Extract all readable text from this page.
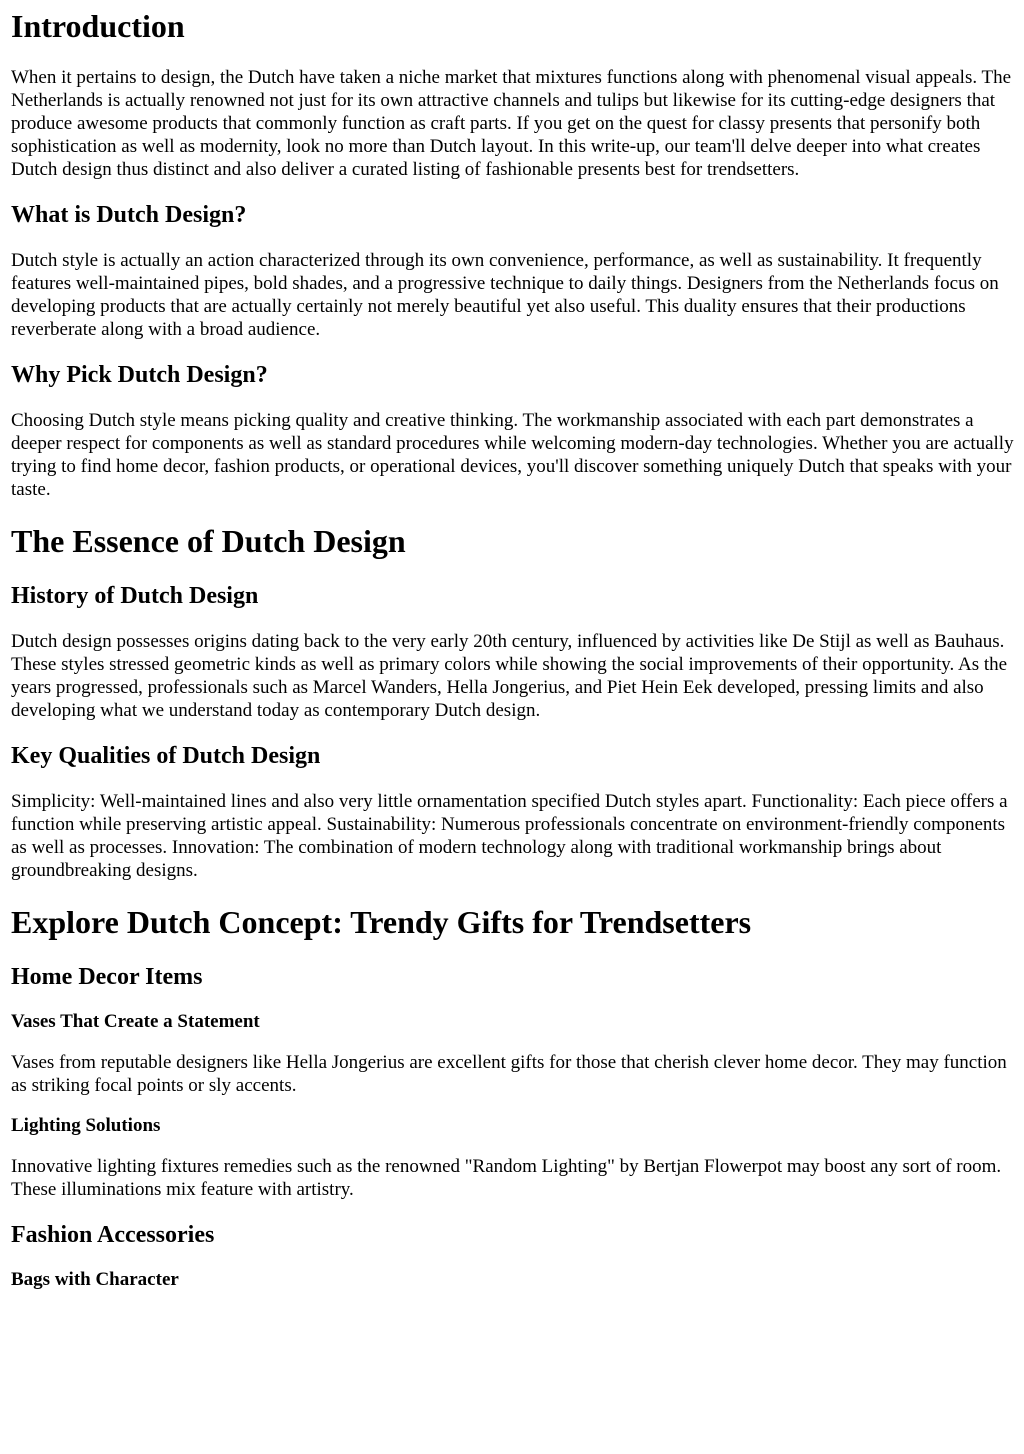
Introduction

When it pertains to design, the Dutch have taken a niche market that mixtures functions along with phenomenal visual appeals. The Netherlands is actually renowned not just for its own attractive channels and tulips but likewise for its cutting-edge designers that produce awesome products that commonly function as craft parts. If you get on the quest for classy presents that personify both sophistication as well as modernity, look no more than Dutch layout. In this write-up, our team'll delve deeper into what creates Dutch design thus distinct and also deliver a curated listing of fashionable presents best for trendsetters.

What is Dutch Design?

Dutch style is actually an action characterized through its own convenience, performance, as well as sustainability. It frequently features well-maintained pipes, bold shades, and a progressive technique to daily things. Designers from the Netherlands focus on developing products that are actually certainly not merely beautiful yet also useful. This duality ensures that their productions reverberate along with a broad audience.

Why Pick Dutch Design?

Choosing Dutch style means picking quality and creative thinking. The workmanship associated with each part demonstrates a deeper respect for components as well as standard procedures while welcoming modern-day technologies. Whether you are actually trying to find home decor, fashion products, or operational devices, you'll discover something uniquely Dutch that speaks with your taste.

The Essence of Dutch Design
History of Dutch Design

Dutch design possesses origins dating back to the very early 20th century, influenced by activities like De Stijl as well as Bauhaus. These styles stressed geometric kinds as well as primary colors while showing the social improvements of their opportunity. As the years progressed, professionals such as Marcel Wanders, Hella Jongerius, and Piet Hein Eek developed, pressing limits and also developing what we understand today as contemporary Dutch design.

Key Qualities of Dutch Design

Simplicity: Well-maintained lines and also very little ornamentation specified Dutch styles apart. Functionality: Each piece offers a function while preserving artistic appeal. Sustainability: Numerous professionals concentrate on environment-friendly components as well as processes. Innovation: The combination of modern technology along with traditional workmanship brings about groundbreaking designs.

Explore Dutch Concept: Trendy Gifts for Trendsetters
Home Decor Items
Vases That Create a Statement

Vases from reputable designers like Hella Jongerius are excellent gifts for those that cherish clever home decor. They may function as striking focal points or sly accents.

Lighting Solutions

Innovative lighting fixtures remedies such as the renowned "Random Lighting" by Bertjan Flowerpot may boost any sort of room. These illuminations mix feature with artistry.

Fashion Accessories
Bags with Character
